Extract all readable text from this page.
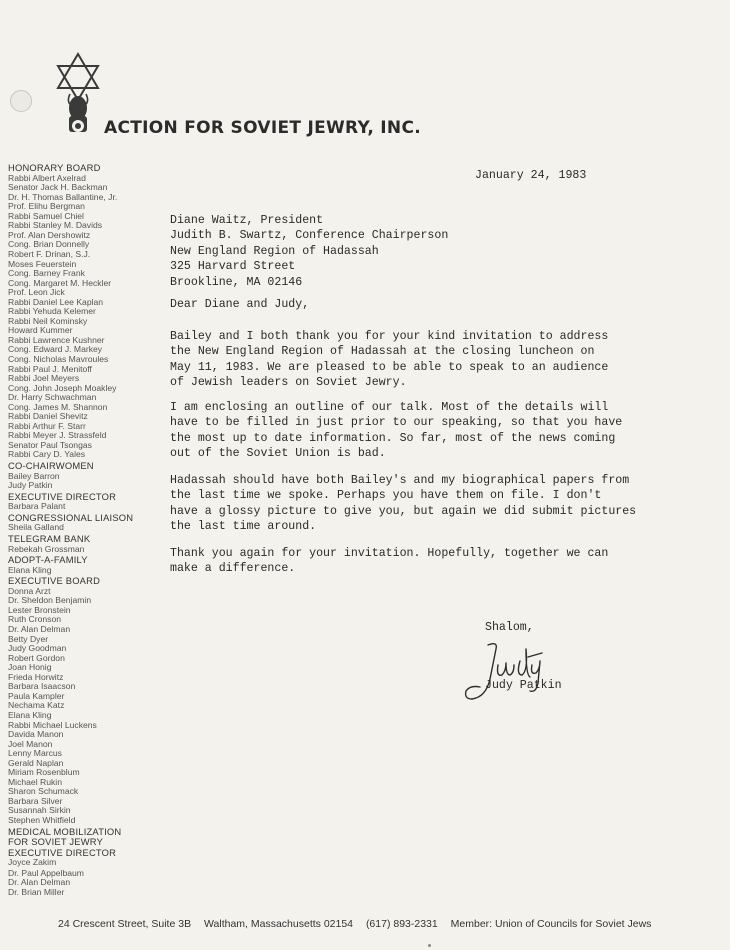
ACTION FOR SOVIET JEWRY, INC.
HONORARY BOARD
Rabbi Albert Axelrad
Senator Jack H. Backman
Dr. H. Thomas Ballantine, Jr.
Prof. Elihu Bergman
Rabbi Samuel Chiel
Rabbi Stanley M. Davids
Prof. Alan Dershowitz
Cong. Brian Donnelly
Robert F. Drinan, S.J.
Moses Feuerstein
Cong. Barney Frank
Cong. Margaret M. Heckler
Prof. Leon Jick
Rabbi Daniel Lee Kaplan
Rabbi Yehuda Kelemer
Rabbi Neil Kominsky
Howard Kummer
Rabbi Lawrence Kushner
Cong. Edward J. Markey
Cong. Nicholas Mavroules
Rabbi Paul J. Menitoff
Rabbi Joel Meyers
Cong. John Joseph Moakley
Dr. Harry Schwachman
Cong. James M. Shannon
Rabbi Daniel Shevitz
Rabbi Arthur F. Starr
Rabbi Meyer J. Strassfeld
Senator Paul Tsongas
Rabbi Cary D. Yales
CO-CHAIRWOMEN
Bailey Barron
Judy Patkin
EXECUTIVE DIRECTOR
Barbara Palant
CONGRESSIONAL LIAISON
Sheila Galland
TELEGRAM BANK
Rebekah Grossman
ADOPT-A-FAMILY
Elana Kling
EXECUTIVE BOARD
Donna Arzt
Dr. Sheldon Benjamin
Lester Bronstein
Ruth Cronson
Dr. Alan Delman
Betty Dyer
Judy Goodman
Robert Gordon
Joan Honig
Frieda Horwitz
Barbara Isaacson
Paula Kampler
Nechama Katz
Elana Kling
Rabbi Michael Luckens
Davida Manon
Joel Manon
Lenny Marcus
Gerald Naplan
Miriam Rosenblum
Michael Rukin
Sharon Schumack
Barbara Silver
Susannah Sirkin
Stephen Whitfield
MEDICAL MOBILIZATION
FOR SOVIET JEWRY
EXECUTIVE DIRECTOR
Joyce Zakim
Dr. Paul Appelbaum
Dr. Alan Delman
Dr. Brian Miller
January 24, 1983
Diane Waitz, President
Judith B. Swartz, Conference Chairperson
New England Region of Hadassah
325 Harvard Street
Brookline, MA 02146
Dear Diane and Judy,
Bailey and I both thank you for your kind invitation to address
the New England Region of Hadassah at the closing luncheon on
May 11, 1983. We are pleased to be able to speak to an audience
of Jewish leaders on Soviet Jewry.
I am enclosing an outline of our talk. Most of the details will
have to be filled in just prior to our speaking, so that you have
the most up to date information. So far, most of the news coming
out of the Soviet Union is bad.
Hadassah should have both Bailey's and my biographical papers from
the last time we spoke. Perhaps you have them on file. I don't
have a glossy picture to give you, but again we did submit pictures
the last time around.
Thank you again for your invitation. Hopefully, together we can
make a difference.
Shalom,
Judy Patkin
24 Crescent Street, Suite 3B Waltham, Massachusetts 02154 (617) 893-2331 Member: Union of Councils for Soviet Jews
